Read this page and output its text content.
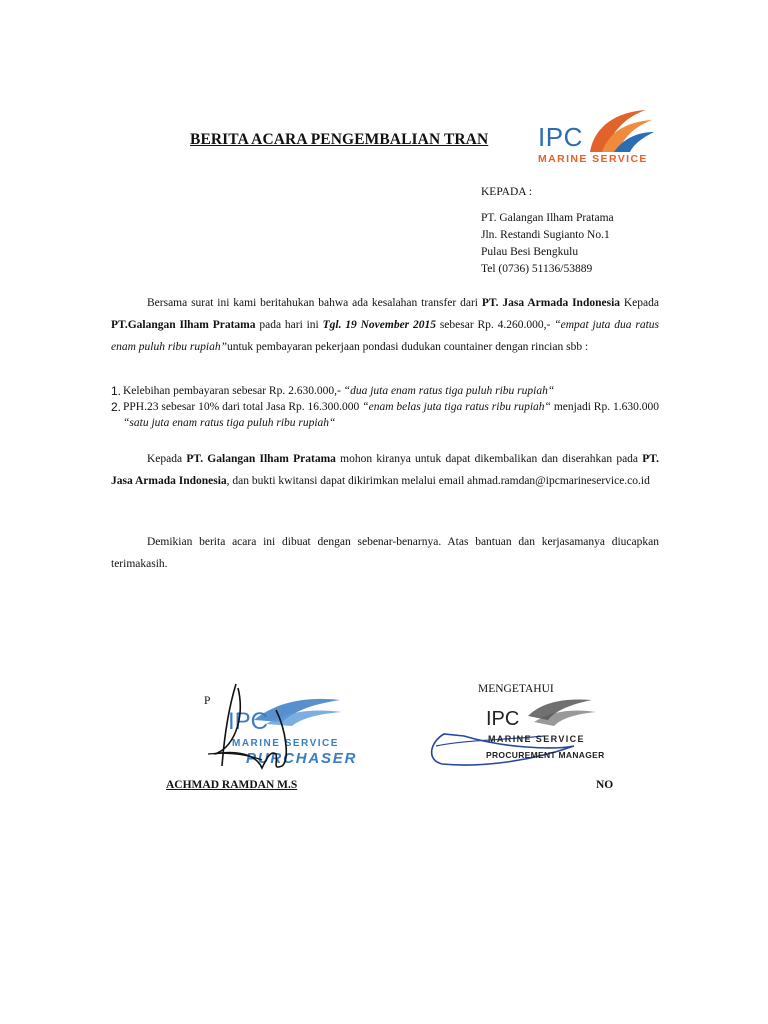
BERITA ACARA PENGEMBALIAN TRAN	IPC
MARINE SERVICE
KEPADA :
PT. Galangan Ilham Pratama
Jln. Restandi Sugianto No.1
Pulau Besi Bengkulu
Tel (0736) 51136/53889
Bersama surat ini kami beritahukan bahwa ada kesalahan transfer dari PT. Jasa Armada Indonesia Kepada PT.Galangan Ilham Pratama pada hari ini Tgl. 19 November 2015 sebesar Rp. 4.260.000,- “empat juta dua ratus enam puluh ribu rupiah”untuk pembayaran pekerjaan pondasi dudukan countainer dengan rincian sbb :
1. Kelebihan pembayaran sebesar Rp. 2.630.000,- “dua juta enam ratus tiga puluh ribu rupiah“
2. PPH.23 sebesar 10% dari total Jasa Rp. 16.300.000 “enam belas juta tiga ratus ribu rupiah“ menjadi Rp. 1.630.000 “satu juta enam ratus tiga puluh ribu rupiah“
Kepada PT. Galangan Ilham Pratama mohon kiranya untuk dapat dikembalikan dan diserahkan pada PT. Jasa Armada Indonesia, dan bukti kwitansi dapat dikirimkan melalui email ahmad.ramdan@ipcmarineservice.co.id
Demikian berita acara ini dibuat dengan sebenar-benarnya. Atas bantuan dan kerjasamanya diucapkan terimakasih.
P
IPC
MARINE SERVICE
PURCHASER
ACHMAD RAMDAN M.S
MENGETAHUI
IPC
MARINE SERVICE
PROCUREMENT MANAGER
NO
